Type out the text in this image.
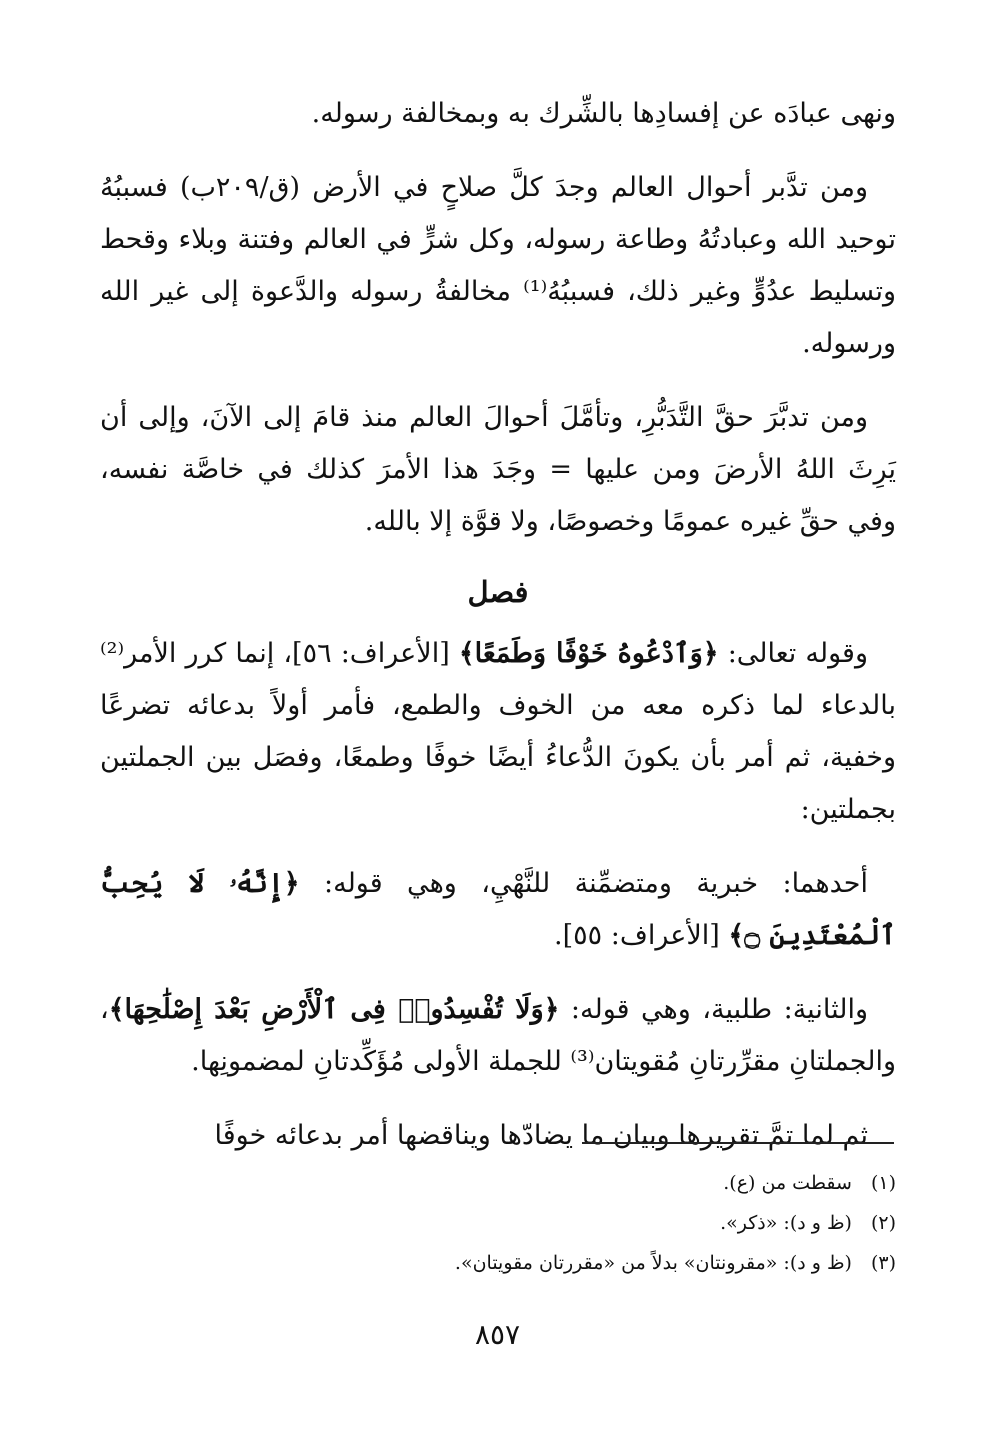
ونهى عبادَه عن إفسادِها بالشِّرك به وبمخالفة رسوله.

ومن تدَّبر أحوال العالم وجدَ كلَّ صلاحٍ في الأرض (ق/٢٠٩ب) فسببُهُ توحيد الله وعبادتُهُ وطاعة رسوله، وكل شرٍّ في العالم وفتنة وبلاء وقحط وتسليط عدُوٍّ وغير ذلك، فسببُهُ⁽¹⁾ مخالفةُ رسوله والدَّعوة إلى غير الله ورسوله.

ومن تدبَّرَ حقَّ التَّدَبُّرِ، وتأمَّلَ أحوالَ العالم منذ قامَ إلى الآنَ، وإلى أن يَرِثَ اللهُ الأرضَ ومن عليها = وجَدَ هذا الأمرَ كذلك في خاصَّة نفسه، وفي حقِّ غيره عمومًا وخصوصًا، ولا قوَّة إلا بالله.

فصل

وقوله تعالى: ﴿وَٱدْعُوهُ خَوْفًا وَطَمَعًا﴾ [الأعراف: ٥٦]، إنما كرر الأمر⁽²⁾ بالدعاء لما ذكره معه من الخوف والطمع، فأمر أولاً بدعائه تضرعًا وخفية، ثم أمر بأن يكونَ الدُّعاءُ أيضًا خوفًا وطمعًا، وفصَل بين الجملتين بجملتين:

أحدهما: خبرية ومتضمِّنة للنَّهْيِ، وهي قوله: ﴿إِنَّهُۥ لَا يُحِبُّ ٱلْمُعْتَدِينَ ۝﴾ [الأعراف: ٥٥].

والثانية: طلبية، وهي قوله: ﴿وَلَا تُفْسِدُوا۟ فِى ٱلْأَرْضِ بَعْدَ إِصْلَٰحِهَا﴾، والجملتانِ مقرِّرتانِ مُقويتان⁽³⁾ للجملة الأولى مُؤَكِّدتانِ لمضمونِها.

ثم لما تمَّ تقريرها وبيان ما يضادّها ويناقضها أمر بدعائه خوفًا

(١) سقطت من (ع).

(٢) (ظ و د): «ذكر».

(٣) (ظ و د): «مقرونتان» بدلاً من «مقررتان مقويتان».

٨٥٧
